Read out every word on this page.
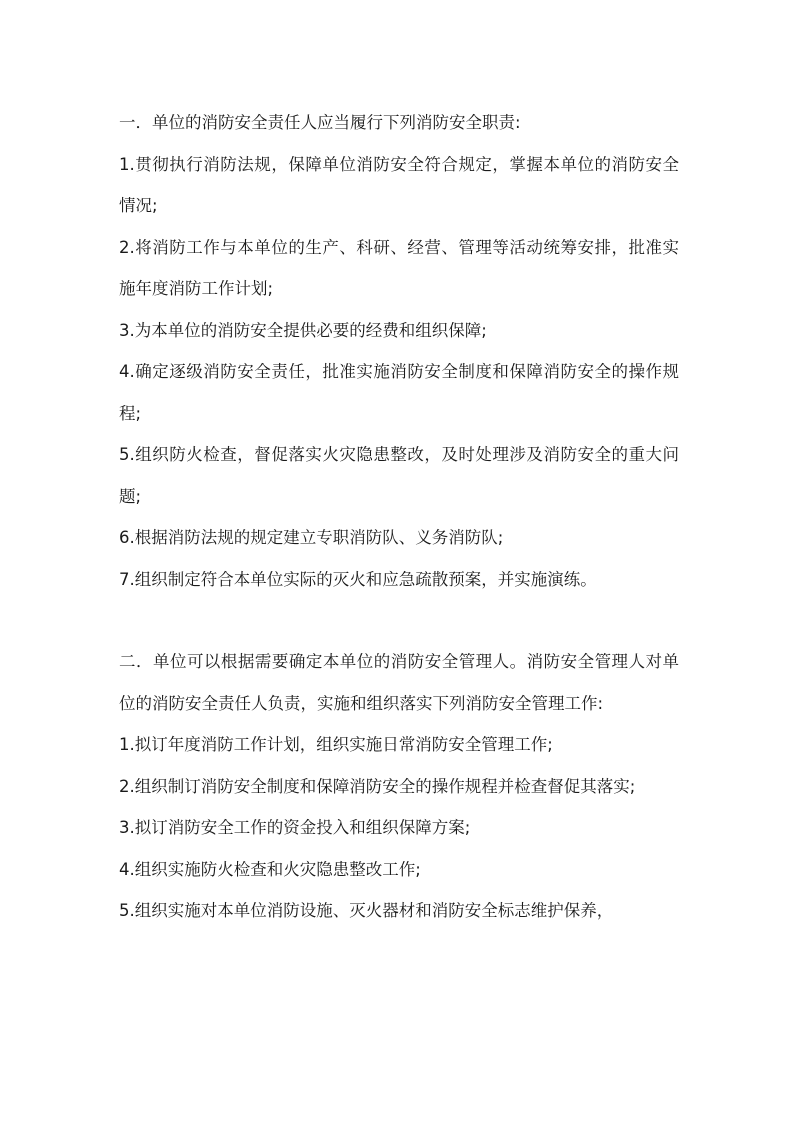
一．单位的消防安全责任人应当履行下列消防安全职责:

1.贯彻执行消防法规，保障单位消防安全符合规定，掌握本单位的消防安全情况;

2.将消防工作与本单位的生产、科研、经营、管理等活动统筹安排，批准实施年度消防工作计划;

3.为本单位的消防安全提供必要的经费和组织保障;

4.确定逐级消防安全责任，批准实施消防安全制度和保障消防安全的操作规程;

5.组织防火检查，督促落实火灾隐患整改，及时处理涉及消防安全的重大问题;

6.根据消防法规的规定建立专职消防队、义务消防队;

7.组织制定符合本单位实际的灭火和应急疏散预案，并实施演练。

二．单位可以根据需要确定本单位的消防安全管理人。消防安全管理人对单位的消防安全责任人负责，实施和组织落实下列消防安全管理工作:

1.拟订年度消防工作计划，组织实施日常消防安全管理工作;

2.组织制订消防安全制度和保障消防安全的操作规程并检查督促其落实;

3.拟订消防安全工作的资金投入和组织保障方案;

4.组织实施防火检查和火灾隐患整改工作;

5.组织实施对本单位消防设施、灭火器材和消防安全标志维护保养，
